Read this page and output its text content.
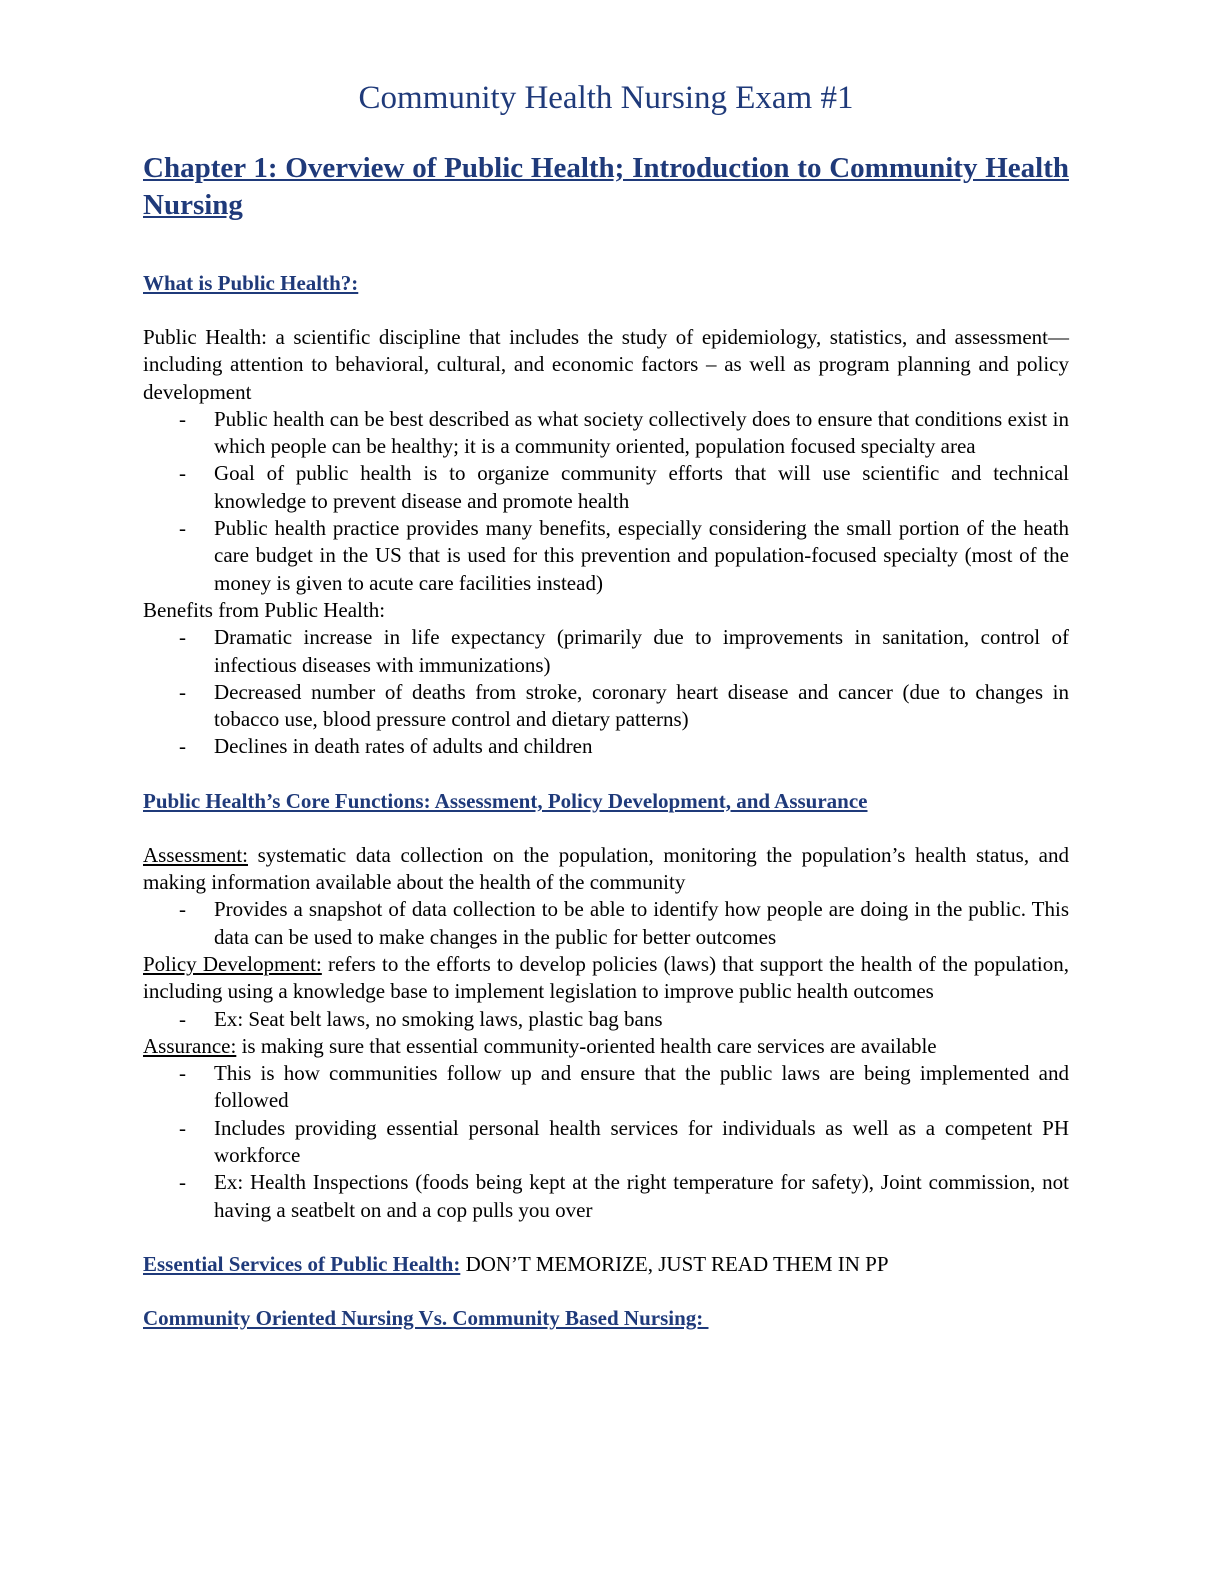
Community Health Nursing Exam #1
Chapter 1: Overview of Public Health; Introduction to Community Health Nursing
What is Public Health?:

Public Health: a scientific discipline that includes the study of epidemiology, statistics, and assessment—including attention to behavioral, cultural, and economic factors – as well as program planning and policy development

- Public health can be best described as what society collectively does to ensure that conditions exist in which people can be healthy; it is a community oriented, population focused specialty area
- Goal of public health is to organize community efforts that will use scientific and technical knowledge to prevent disease and promote health
- Public health practice provides many benefits, especially considering the small portion of the heath care budget in the US that is used for this prevention and population-focused specialty (most of the money is given to acute care facilities instead)

Benefits from Public Health:

- Dramatic increase in life expectancy (primarily due to improvements in sanitation, control of infectious diseases with immunizations)
- Decreased number of deaths from stroke, coronary heart disease and cancer (due to changes in tobacco use, blood pressure control and dietary patterns)
- Declines in death rates of adults and children
Public Health’s Core Functions: Assessment, Policy Development, and Assurance

Assessment: systematic data collection on the population, monitoring the population’s health status, and making information available about the health of the community

- Provides a snapshot of data collection to be able to identify how people are doing in the public. This data can be used to make changes in the public for better outcomes

Policy Development: refers to the efforts to develop policies (laws) that support the health of the population, including using a knowledge base to implement legislation to improve public health outcomes

- Ex: Seat belt laws, no smoking laws, plastic bag bans

Assurance: is making sure that essential community-oriented health care services are available

- This is how communities follow up and ensure that the public laws are being implemented and followed
- Includes providing essential personal health services for individuals as well as a competent PH workforce
- Ex: Health Inspections (foods being kept at the right temperature for safety), Joint commission, not having a seatbelt on and a cop pulls you over

Essential Services of Public Health: DON’T MEMORIZE, JUST READ THEM IN PP

Community Oriented Nursing Vs. Community Based Nursing:
